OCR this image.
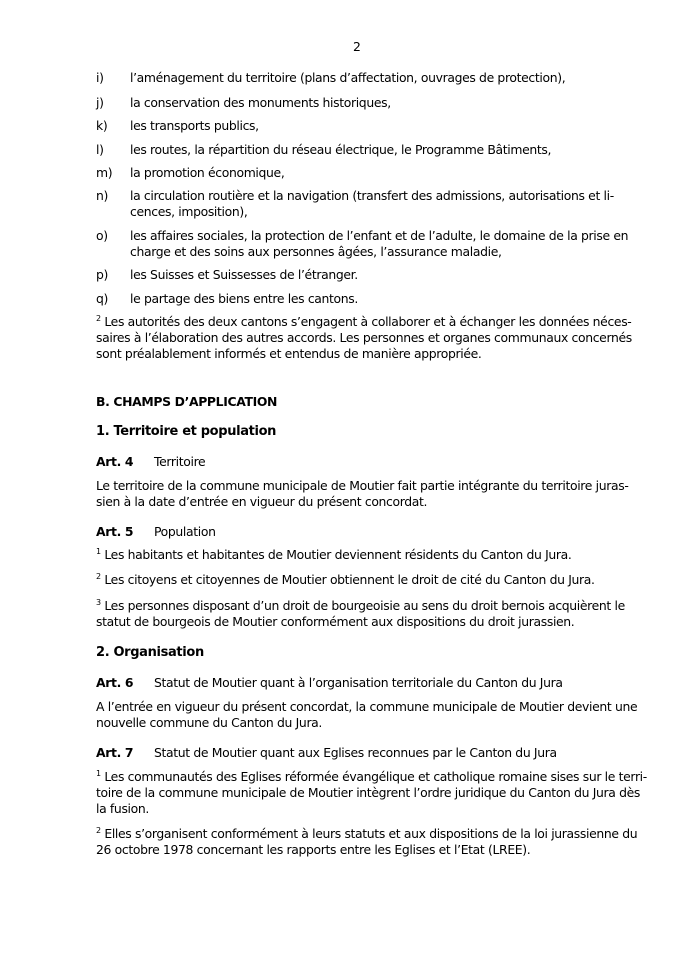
2
i) l’aménagement du territoire (plans d’affectation, ouvrages de protection),
j) la conservation des monuments historiques,
k) les transports publics,
l) les routes, la répartition du réseau électrique, le Programme Bâtiments,
m) la promotion économique,
n) la circulation routière et la navigation (transfert des admissions, autorisations et li-
cences, imposition),
o) les affaires sociales, la protection de l’enfant et de l’adulte, le domaine de la prise en
charge et des soins aux personnes âgées, l’assurance maladie,
p) les Suisses et Suissesses de l’étranger.
q) le partage des biens entre les cantons.
$^2$ Les autorités des deux cantons s’engagent à collaborer et à échanger les données néces-
saires à l’élaboration des autres accords. Les personnes et organes communaux concernés
sont préalablement informés et entendus de manière appropriée.
B. CHAMPS D’APPLICATION
1. Territoire et population
Art. 4 Territoire
Le territoire de la commune municipale de Moutier fait partie intégrante du territoire juras-
sien à la date d’entrée en vigueur du présent concordat.
Art. 5 Population
$^1$ Les habitants et habitantes de Moutier deviennent résidents du Canton du Jura.
$^2$ Les citoyens et citoyennes de Moutier obtiennent le droit de cité du Canton du Jura.
$^3$ Les personnes disposant d’un droit de bourgeoisie au sens du droit bernois acquièrent le
statut de bourgeois de Moutier conformément aux dispositions du droit jurassien.
2. Organisation
Art. 6 Statut de Moutier quant à l’organisation territoriale du Canton du Jura
A l’entrée en vigueur du présent concordat, la commune municipale de Moutier devient une
nouvelle commune du Canton du Jura.
Art. 7 Statut de Moutier quant aux Eglises reconnues par le Canton du Jura
$^1$ Les communautés des Eglises réformée évangélique et catholique romaine sises sur le terri-
toire de la commune municipale de Moutier intègrent l’ordre juridique du Canton du Jura dès
la fusion.
$^2$ Elles s’organisent conformément à leurs statuts et aux dispositions de la loi jurassienne du
26 octobre 1978 concernant les rapports entre les Eglises et l’Etat (LREE).
